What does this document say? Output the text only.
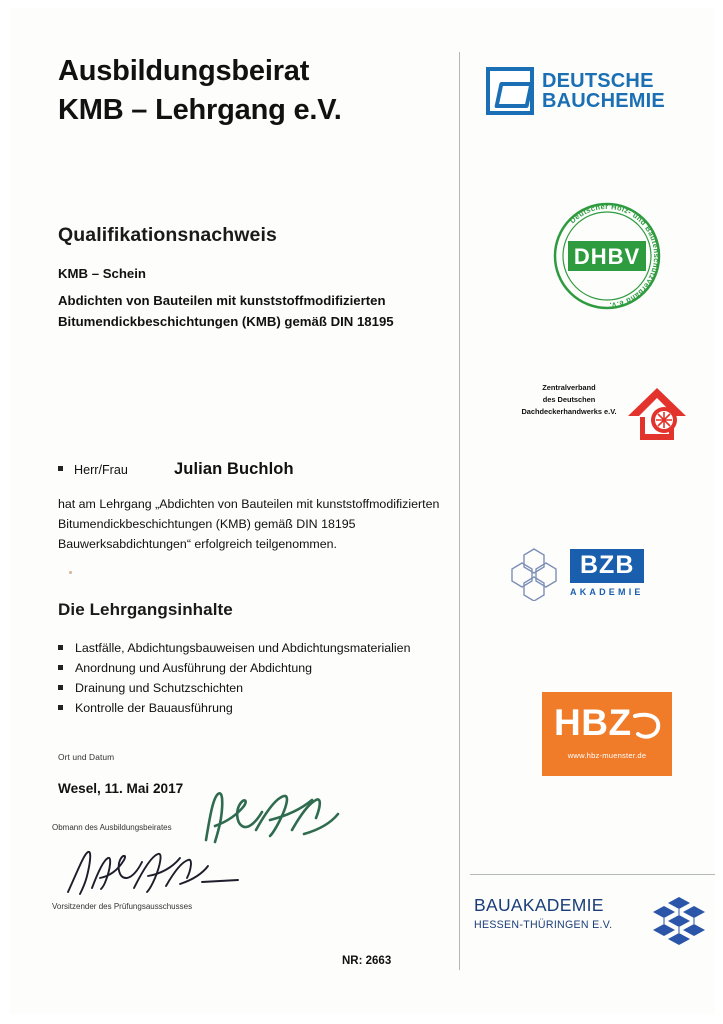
Ausbildungsbeirat
KMB – Lehrgang e.V.
Qualifikationsnachweis
KMB – Schein
Abdichten von Bauteilen mit kunststoffmodifizierten
Bitumendickbeschichtungen (KMB) gemäß DIN 18195
Herr/Frau	Julian Buchloh
hat am Lehrgang „Abdichten von Bauteilen mit kunststoffmodifizierten Bitumendickbeschichtungen (KMB) gemäß DIN 18195 Bauwerksabdichtungen“ erfolgreich teilgenommen.
Die Lehrgangsinhalte
Lastfälle, Abdichtungsbauweisen und Abdichtungsmaterialien
Anordnung und Ausführung der Abdichtung
Drainung und Schutzschichten
Kontrolle der Bauausführung
Ort und Datum
Wesel, 11. Mai 2017
Obmann des Ausbildungsbeirates
Vorsitzender des Prüfungsausschusses
NR: 2663
DEUTSCHE
BAUCHEMIE
Deutscher Holz- und Bautenschutzverband e.V.
DHBV
Zentralverband
des Deutschen
Dachdeckerhandwerks e.V.
BZB
AKADEMIE
HBZ
www.hbz-muenster.de
BAUAKADEMIE
HESSEN-THÜRINGEN E.V.
